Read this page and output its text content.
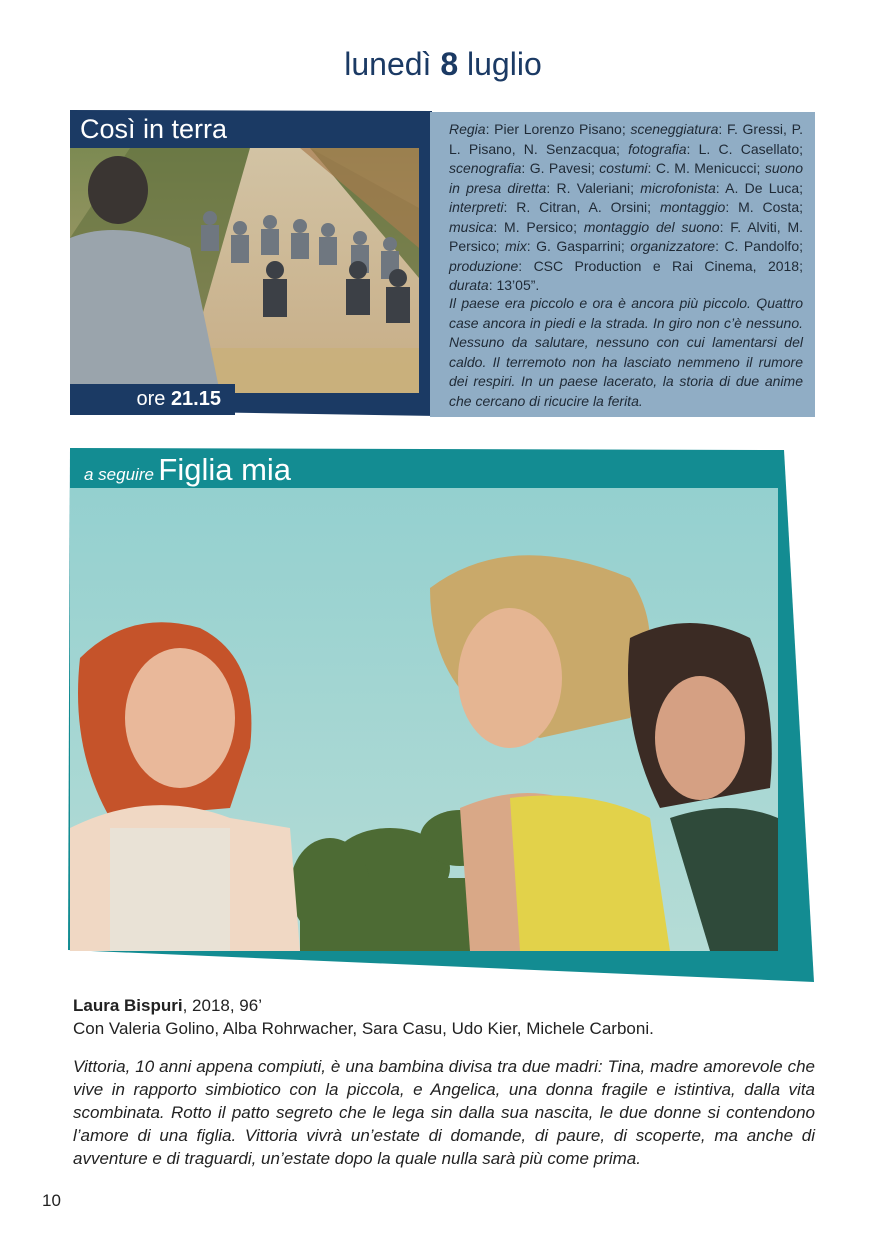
lunedì 8 luglio
Così in terra
ore 21.15
Regia: Pier Lorenzo Pisano; sceneggiatura: F. Gressi, P. L. Pisano, N. Senzacqua; fotografia: L. C. Casellato; scenografia: G. Pavesi; costumi: C. M. Menicucci; suono in presa diretta: R. Valeriani; microfonista: A. De Luca; interpreti: R. Citran, A. Orsini; montaggio: M. Costa; musica: M. Persico; montaggio del suono: F. Alviti, M. Persico; mix: G. Gasparrini; organizzatore: C. Pandolfo; produzione: CSC Production e Rai Cinema, 2018; durata: 13’05”.
Il paese era piccolo e ora è ancora più piccolo. Quattro case ancora in piedi e la strada. In giro non c’è nessuno. Nessuno da salutare, nessuno con cui lamentarsi del caldo. Il terremoto non ha lasciato nemmeno il rumore dei respiri. In un paese lacerato, la storia di due anime che cercano di ricucire la ferita.
a seguire Figlia mia
Laura Bispuri, 2018, 96’
Con Valeria Golino, Alba Rohrwacher, Sara Casu, Udo Kier, Michele Carboni.
Vittoria, 10 anni appena compiuti, è una bambina divisa tra due madri: Tina, madre amorevole che vive in rapporto simbiotico con la piccola, e Angelica, una donna fragile e istintiva, dalla vita scombinata. Rotto il patto segreto che le lega sin dalla sua nascita, le due donne si contendono l’amore di una figlia. Vittoria vivrà un’estate di domande, di paure, di scoperte, ma anche di avventure e di traguardi, un’estate dopo la quale nulla sarà più come prima.
10
